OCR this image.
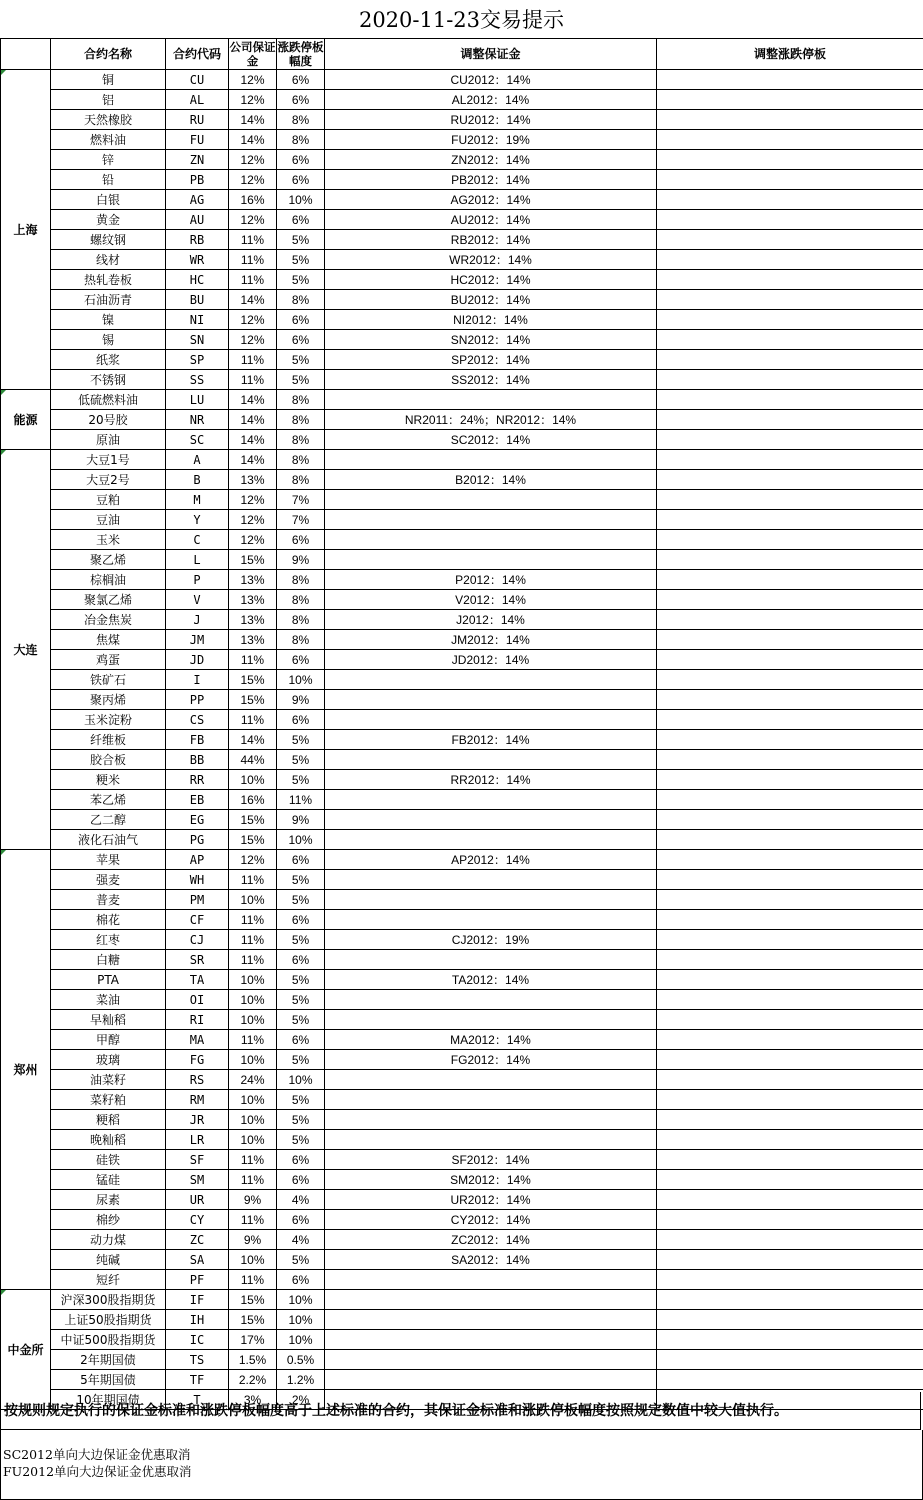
2020-11-23交易提示
	合约名称	合约代码	公司保证金	涨跌停板幅度	调整保证金	调整涨跌停板
上海	铜	CU	12%	6%	CU2012：14%	
	铝	AL	12%	6%	AL2012：14%	
	天然橡胶	RU	14%	8%	RU2012：14%	
	燃料油	FU	14%	8%	FU2012：19%	
	锌	ZN	12%	6%	ZN2012：14%	
	铅	PB	12%	6%	PB2012：14%	
	白银	AG	16%	10%	AG2012：14%	
	黄金	AU	12%	6%	AU2012：14%	
	螺纹钢	RB	11%	5%	RB2012：14%	
	线材	WR	11%	5%	WR2012：14%	
	热轧卷板	HC	11%	5%	HC2012：14%	
	石油沥青	BU	14%	8%	BU2012：14%	
	镍	NI	12%	6%	NI2012：14%	
	锡	SN	12%	6%	SN2012：14%	
	纸浆	SP	11%	5%	SP2012：14%	
	不锈钢	SS	11%	5%	SS2012：14%	
能源	低硫燃料油	LU	14%	8%		
	20号胶	NR	14%	8%	NR2011：24%；NR2012：14%	
	原油	SC	14%	8%	SC2012：14%	
大连	大豆1号	A	14%	8%		
	大豆2号	B	13%	8%	B2012：14%	
	豆粕	M	12%	7%		
	豆油	Y	12%	7%		
	玉米	C	12%	6%		
	聚乙烯	L	15%	9%		
	棕榈油	P	13%	8%	P2012：14%	
	聚氯乙烯	V	13%	8%	V2012：14%	
	冶金焦炭	J	13%	8%	J2012：14%	
	焦煤	JM	13%	8%	JM2012：14%	
	鸡蛋	JD	11%	6%	JD2012：14%	
	铁矿石	I	15%	10%		
	聚丙烯	PP	15%	9%		
	玉米淀粉	CS	11%	6%		
	纤维板	FB	14%	5%	FB2012：14%	
	胶合板	BB	44%	5%		
	粳米	RR	10%	5%	RR2012：14%	
	苯乙烯	EB	16%	11%		
	乙二醇	EG	15%	9%		
	液化石油气	PG	15%	10%		
郑州	苹果	AP	12%	6%	AP2012：14%	
	强麦	WH	11%	5%		
	普麦	PM	10%	5%		
	棉花	CF	11%	6%		
	红枣	CJ	11%	5%	CJ2012：19%	
	白糖	SR	11%	6%		
	PTA	TA	10%	5%	TA2012：14%	
	菜油	OI	10%	5%		
	早籼稻	RI	10%	5%		
	甲醇	MA	11%	6%	MA2012：14%	
	玻璃	FG	10%	5%	FG2012：14%	
	油菜籽	RS	24%	10%		
	菜籽粕	RM	10%	5%		
	粳稻	JR	10%	5%		
	晚籼稻	LR	10%	5%		
	硅铁	SF	11%	6%	SF2012：14%	
	锰硅	SM	11%	6%	SM2012：14%	
	尿素	UR	9%	4%	UR2012：14%	
	棉纱	CY	11%	6%	CY2012：14%	
	动力煤	ZC	9%	4%	ZC2012：14%	
	纯碱	SA	10%	5%	SA2012：14%	
	短纤	PF	11%	6%		
中金所	沪深300股指期货	IF	15%	10%		
	上证50股指期货	IH	15%	10%		
	中证500股指期货	IC	17%	10%		
	2年期国债	TS	1.5%	0.5%		
	5年期国债	TF	2.2%	1.2%		
	10年期国债	T	3%	2%		
按规则规定执行的保证金标准和涨跌停板幅度高于上述标准的合约，其保证金标准和涨跌停板幅度按照规定数值中较大值执行。
SC2012单向大边保证金优惠取消
FU2012单向大边保证金优惠取消
